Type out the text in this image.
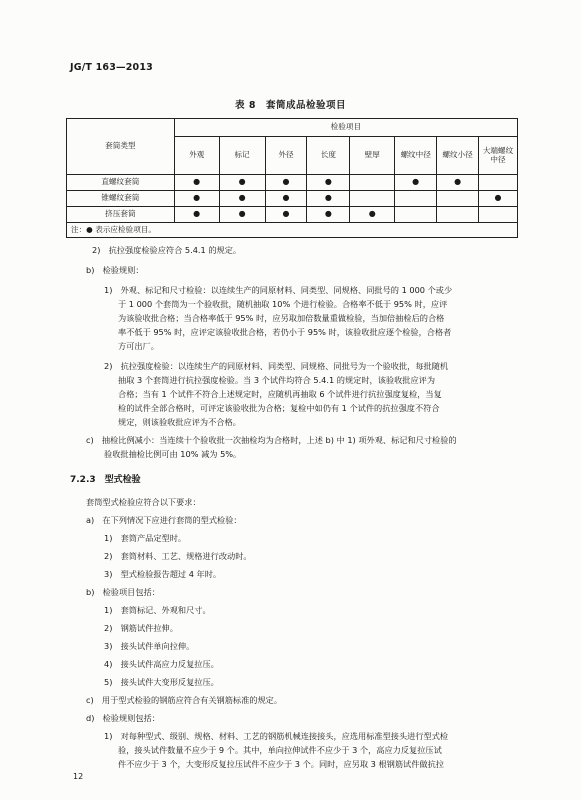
JG/T 163—2013
表 8　套筒成品检验项目
套筒类型	检验项目							
	外观	标记	外径	长度	壁厚	螺纹中径	螺纹小径	大端螺纹中径
直螺纹套筒	●	●	●	●		●	●	
锥螺纹套筒	●	●	●	●				●
挤压套筒	●	●	●	●	●			
注：● 表示应检验项目。								
2)　抗拉强度检验应符合 5.4.1 的规定。
b)　检验规则：
1)　外观、标记和尺寸检验：以连续生产的同原材料、同类型、同规格、同批号的 1 000 个或少
于 1 000 个套筒为一个验收批，随机抽取 10% 个进行检验。合格率不低于 95% 时，应评
为该验收批合格；当合格率低于 95% 时，应另取加倍数量重做检验，当加倍抽检后的合格
率不低于 95% 时，应评定该验收批合格，若仍小于 95% 时，该验收批应逐个检验，合格者
方可出厂。
2)　抗拉强度检验：以连续生产的同原材料、同类型、同规格、同批号为一个验收批，每批随机
抽取 3 个套筒进行抗拉强度检验。当 3 个试件均符合 5.4.1 的规定时，该验收批应评为
合格；当有 1 个试件不符合上述规定时，应随机再抽取 6 个试件进行抗拉强度复检，当复
检的试件全部合格时，可评定该验收批为合格；复检中如仍有 1 个试件的抗拉强度不符合
规定，则该验收批应评为不合格。
c)　抽检比例减小：当连续十个验收批一次抽检均为合格时，上述 b) 中 1) 项外观、标记和尺寸检验的
验收批抽检比例可由 10% 减为 5%。
7.2.3　型式检验
套筒型式检验应符合以下要求：
a)　在下列情况下应进行套筒的型式检验：
1)　套筒产品定型时。
2)　套筒材料、工艺、规格进行改动时。
3)　型式检验报告超过 4 年时。
b)　检验项目包括：
1)　套筒标记、外观和尺寸。
2)　钢筋试件拉伸。
3)　接头试件单向拉伸。
4)　接头试件高应力反复拉压。
5)　接头试件大变形反复拉压。
c)　用于型式检验的钢筋应符合有关钢筋标准的规定。
d)　检验规则包括：
1)　对每种型式、级别、规格、材料、工艺的钢筋机械连接接头，应选用标准型接头进行型式检
验，接头试件数量不应少于 9 个。其中，单向拉伸试件不应少于 3 个，高应力反复拉压试
件不应少于 3 个，大变形反复拉压试件不应少于 3 个。同时，应另取 3 根钢筋试件做抗拉
12
